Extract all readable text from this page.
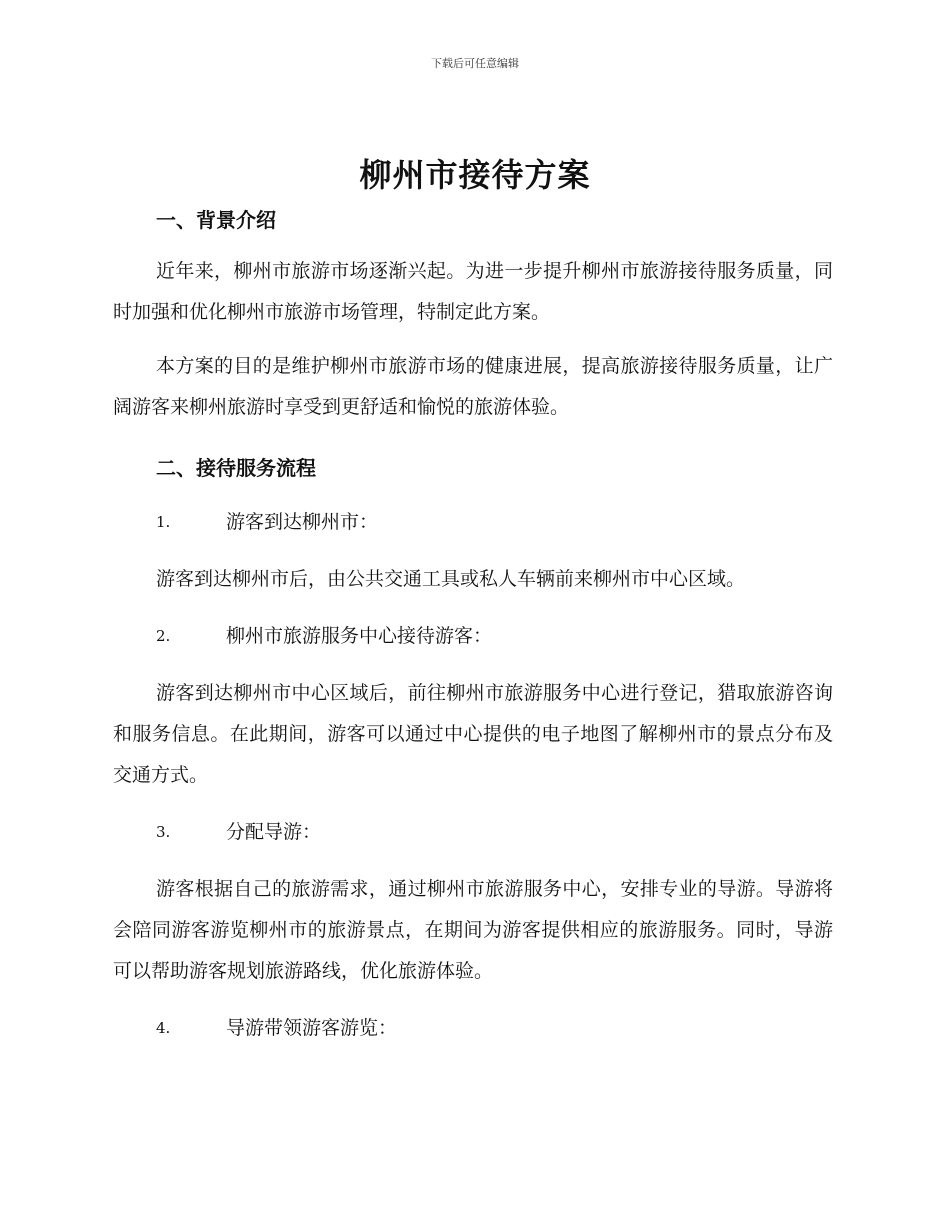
下载后可任意编辑
柳州市接待方案
一、背景介绍

近年来，柳州市旅游市场逐渐兴起。为进一步提升柳州市旅游接待服务质量，同时加强和优化柳州市旅游市场管理，特制定此方案。

本方案的目的是维护柳州市旅游市场的健康进展，提高旅游接待服务质量，让广阔游客来柳州旅游时享受到更舒适和愉悦的旅游体验。

二、接待服务流程
1.	游客到达柳州市：

游客到达柳州市后，由公共交通工具或私人车辆前来柳州市中心区域。

2.	柳州市旅游服务中心接待游客：

游客到达柳州市中心区域后，前往柳州市旅游服务中心进行登记，猎取旅游咨询和服务信息。在此期间，游客可以通过中心提供的电子地图了解柳州市的景点分布及交通方式。

3.	分配导游：

游客根据自己的旅游需求，通过柳州市旅游服务中心，安排专业的导游。导游将会陪同游客游览柳州市的旅游景点，在期间为游客提供相应的旅游服务。同时，导游可以帮助游客规划旅游路线，优化旅游体验。

4.	导游带领游客游览：
